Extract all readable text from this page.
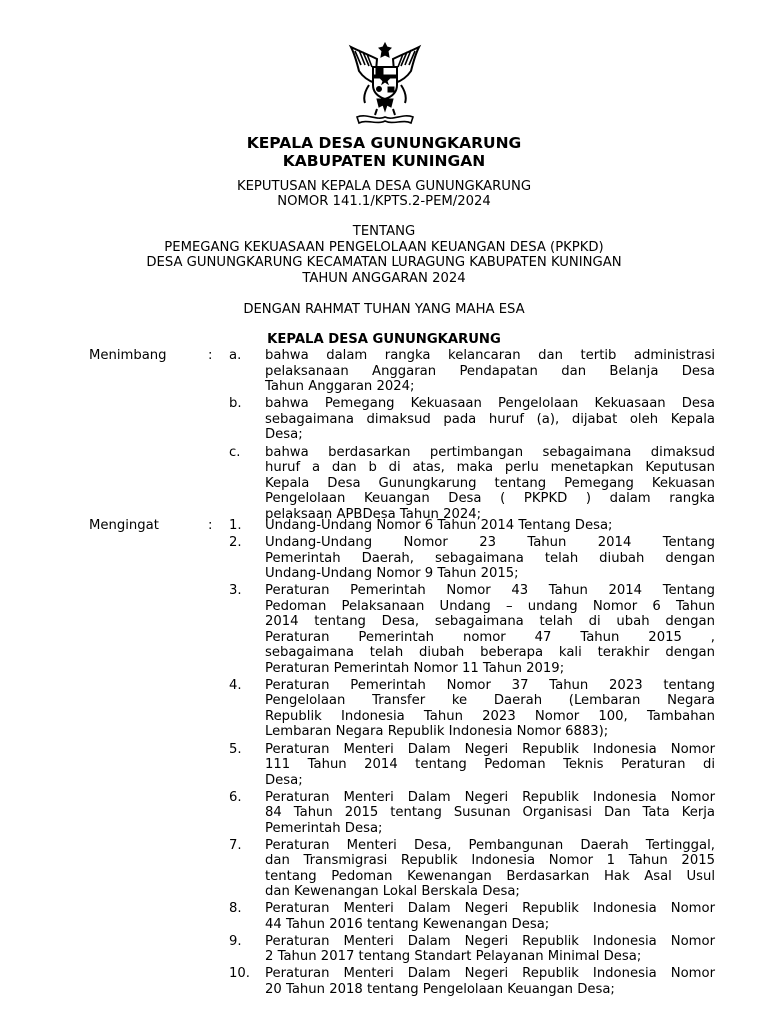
KEPALA DESA GUNUNGKARUNG
KABUPATEN KUNINGAN
KEPUTUSAN KEPALA DESA GUNUNGKARUNG
NOMOR 141.1/KPTS.2-PEM/2024
TENTANG
PEMEGANG KEKUASAAN PENGELOLAAN KEUANGAN DESA (PKPKD)
DESA GUNUNGKARUNG KECAMATAN LURAGUNG KABUPATEN KUNINGAN
TAHUN ANGGARAN 2024
DENGAN RAHMAT TUHAN YANG MAHA ESA
KEPALA DESA GUNUNGKARUNG
Menimbang	: a.	bahwa dalam rangka kelancaran dan tertib administrasi
pelaksanaan Anggaran Pendapatan dan Belanja Desa
Tahun Anggaran 2024;
b.	bahwa Pemegang Kekuasaan Pengelolaan Kekuasaan Desa
sebagaimana dimaksud pada huruf (a), dijabat oleh Kepala
Desa;
c.	bahwa berdasarkan pertimbangan sebagaimana dimaksud
huruf a dan b di atas, maka perlu menetapkan Keputusan
Kepala Desa Gunungkarung tentang Pemegang Kekuasan
Pengelolaan Keuangan Desa ( PKPKD ) dalam rangka
pelaksaan APBDesa Tahun 2024;
Mengingat	: 1.	Undang-Undang Nomor 6 Tahun 2014 Tentang Desa;
2.	Undang-Undang Nomor 23 Tahun 2014 Tentang
Pemerintah Daerah, sebagaimana telah diubah dengan
Undang-Undang Nomor 9 Tahun 2015;
3.	Peraturan Pemerintah Nomor 43 Tahun 2014 Tentang
Pedoman Pelaksanaan Undang – undang Nomor 6 Tahun
2014 tentang Desa, sebagaimana telah di ubah dengan
Peraturan Pemerintah nomor 47 Tahun 2015 ,
sebagaimana telah diubah beberapa kali terakhir dengan
Peraturan Pemerintah Nomor 11 Tahun 2019;
4.	Peraturan Pemerintah Nomor 37 Tahun 2023 tentang
Pengelolaan Transfer ke Daerah (Lembaran Negara
Republik Indonesia Tahun 2023 Nomor 100, Tambahan
Lembaran Negara Republik Indonesia Nomor 6883);
5.	Peraturan Menteri Dalam Negeri Republik Indonesia Nomor
111 Tahun 2014 tentang Pedoman Teknis Peraturan di
Desa;
6.	Peraturan Menteri Dalam Negeri Republik Indonesia Nomor
84 Tahun 2015 tentang Susunan Organisasi Dan Tata Kerja
Pemerintah Desa;
7.	Peraturan Menteri Desa, Pembangunan Daerah Tertinggal,
dan Transmigrasi Republik Indonesia Nomor 1 Tahun 2015
tentang Pedoman Kewenangan Berdasarkan Hak Asal Usul
dan Kewenangan Lokal Berskala Desa;
8.	Peraturan Menteri Dalam Negeri Republik Indonesia Nomor
44 Tahun 2016 tentang Kewenangan Desa;
9.	Peraturan Menteri Dalam Negeri Republik Indonesia Nomor
2 Tahun 2017 tentang Standart Pelayanan Minimal Desa;
10.	Peraturan Menteri Dalam Negeri Republik Indonesia Nomor
20 Tahun 2018 tentang Pengelolaan Keuangan Desa;
